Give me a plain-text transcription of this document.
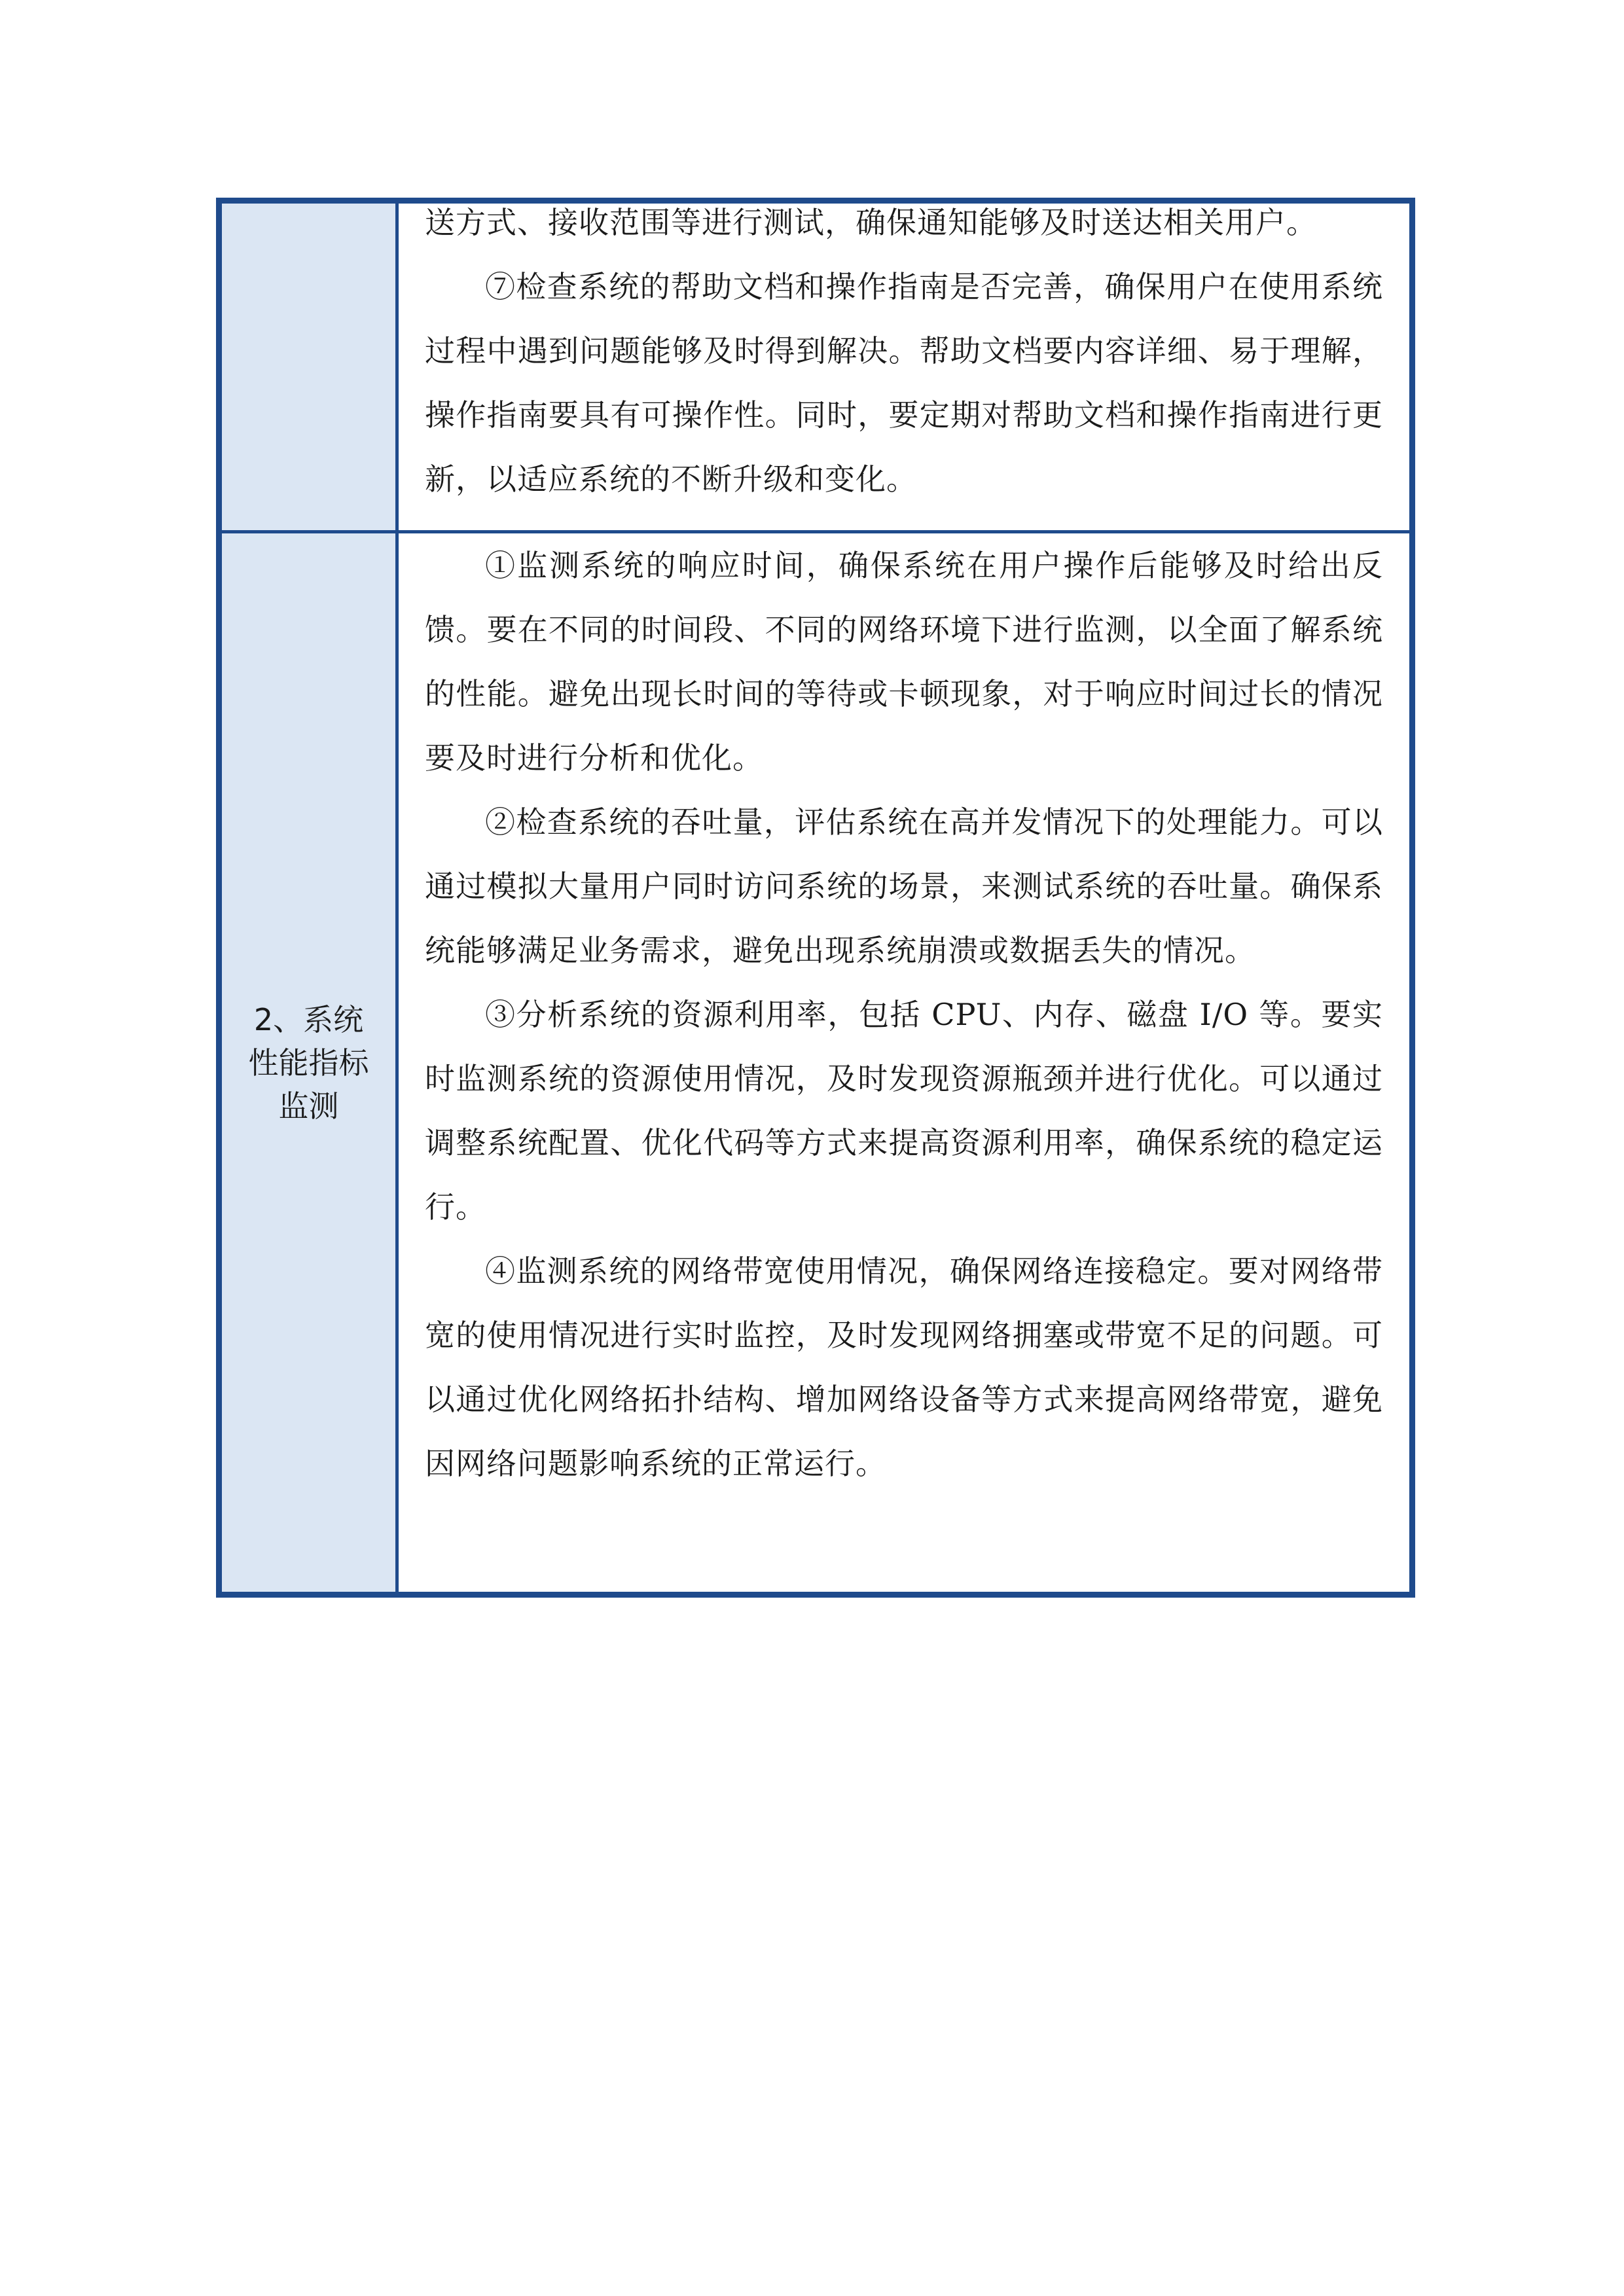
	送方式、接收范围等进行测试，确保通知能够及时送达相关用户。

⑦检查系统的帮助文档和操作指南是否完善，确保用户在使用系统过程中遇到问题能够及时得到解决。帮助文档要内容详细、易于理解，操作指南要具有可操作性。同时，要定期对帮助文档和操作指南进行更新，以适应系统的不断升级和变化。

2、系统性能指标监测	①监测系统的响应时间，确保系统在用户操作后能够及时给出反馈。要在不同的时间段、不同的网络环境下进行监测，以全面了解系统的性能。避免出现长时间的等待或卡顿现象，对于响应时间过长的情况要及时进行分析和优化。

②检查系统的吞吐量，评估系统在高并发情况下的处理能力。可以通过模拟大量用户同时访问系统的场景，来测试系统的吞吐量。确保系统能够满足业务需求，避免出现系统崩溃或数据丢失的情况。

③分析系统的资源利用率，包括 CPU、内存、磁盘 I/O 等。要实时监测系统的资源使用情况，及时发现资源瓶颈并进行优化。可以通过调整系统配置、优化代码等方式来提高资源利用率，确保系统的稳定运行。

④监测系统的网络带宽使用情况，确保网络连接稳定。要对网络带宽的使用情况进行实时监控，及时发现网络拥塞或带宽不足的问题。可以通过优化网络拓扑结构、增加网络设备等方式来提高网络带宽，避免因网络问题影响系统的正常运行。
